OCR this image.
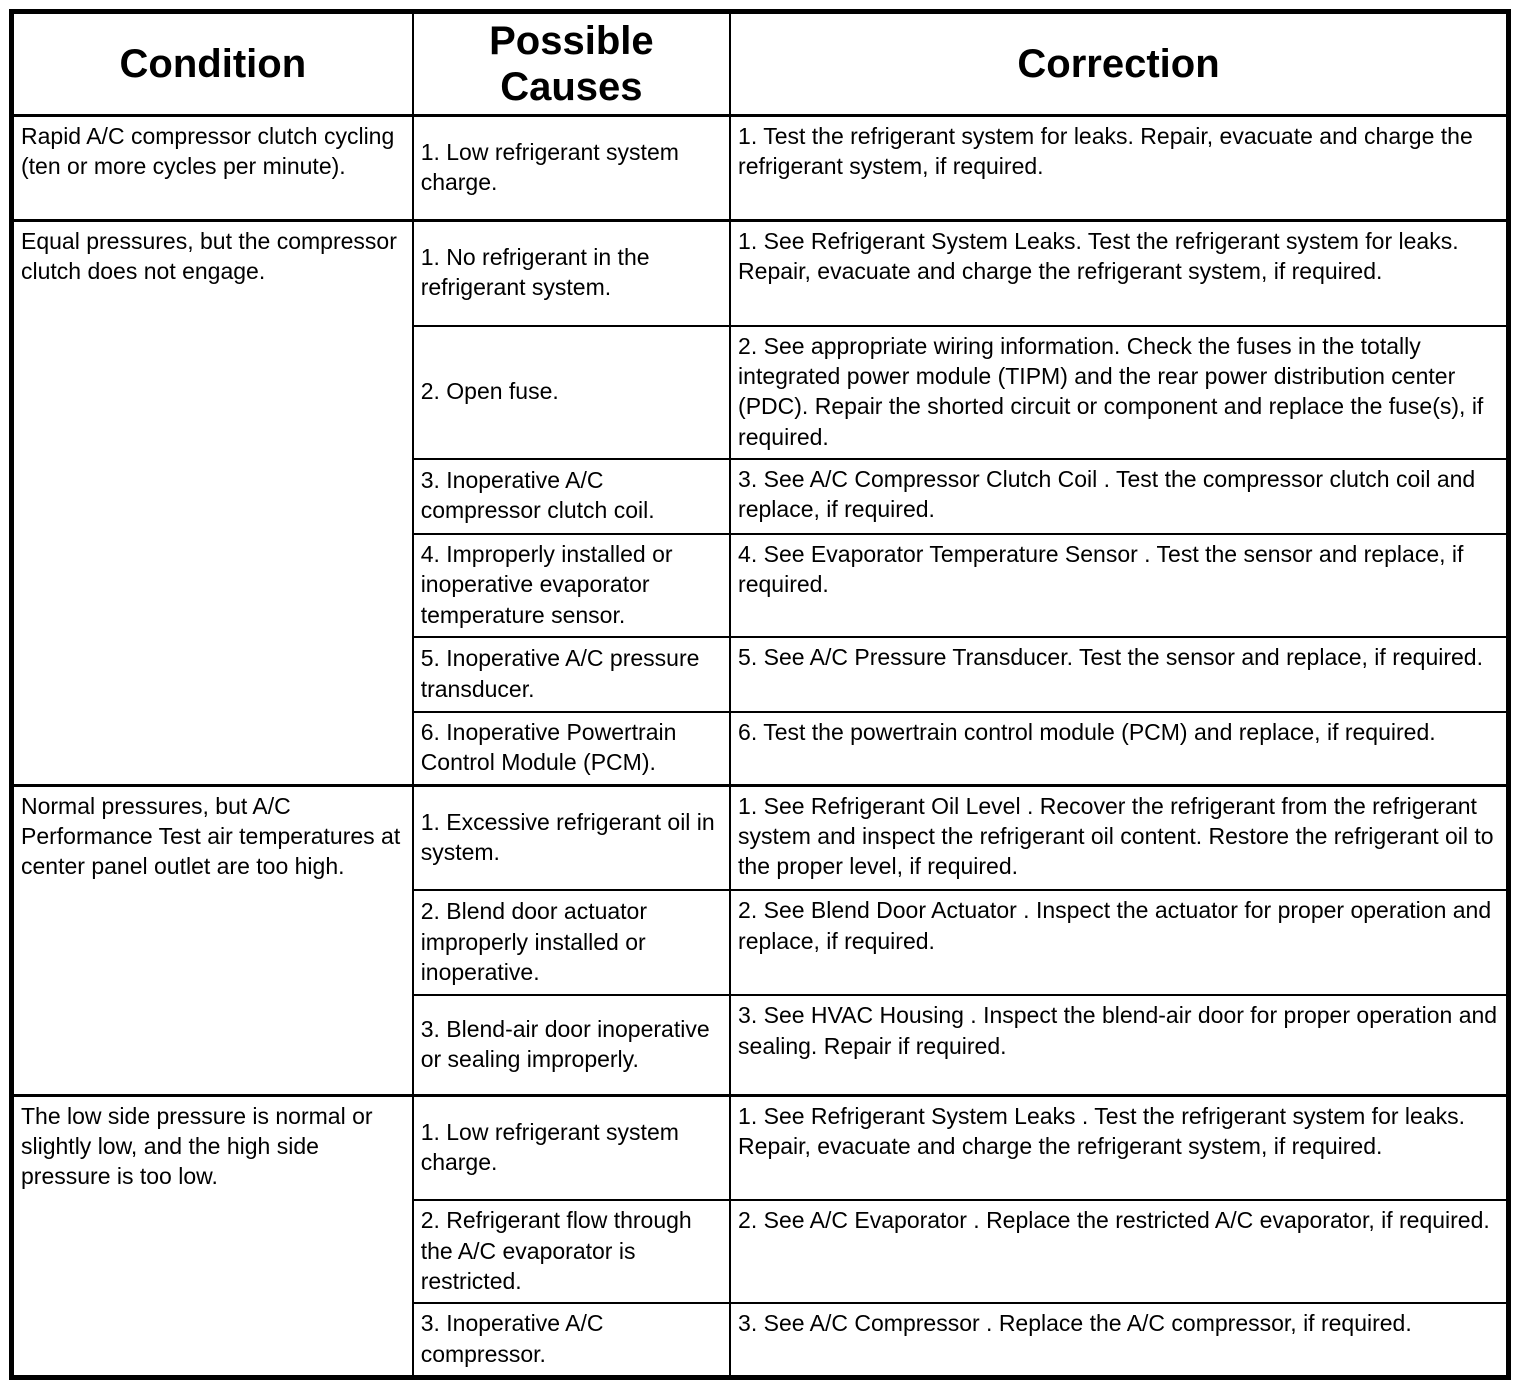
Condition	Possible Causes	Correction
Rapid A/C compressor clutch cycling (ten or more cycles per minute).	1. Low refrigerant system charge.	1. Test the refrigerant system for leaks. Repair, evacuate and charge the refrigerant system, if required.
Equal pressures, but the compressor clutch does not engage.	1. No refrigerant in the refrigerant system.	1. See Refrigerant System Leaks. Test the refrigerant system for leaks. Repair, evacuate and charge the refrigerant system, if required.
	2. Open fuse.	2. See appropriate wiring information. Check the fuses in the totally integrated power module (TIPM) and the rear power distribution center (PDC). Repair the shorted circuit or component and replace the fuse(s), if required.
	3. Inoperative A/C compressor clutch coil.	3. See A/C Compressor Clutch Coil . Test the compressor clutch coil and replace, if required.
	4. Improperly installed or inoperative evaporator temperature sensor.	4. See Evaporator Temperature Sensor . Test the sensor and replace, if required.
	5. Inoperative A/C pressure transducer.	5. See A/C Pressure Transducer. Test the sensor and replace, if required.
	6. Inoperative Powertrain Control Module (PCM).	6. Test the powertrain control module (PCM) and replace, if required.
Normal pressures, but A/C Performance Test air temperatures at center panel outlet are too high.	1. Excessive refrigerant oil in system.	1. See Refrigerant Oil Level . Recover the refrigerant from the refrigerant system and inspect the refrigerant oil content. Restore the refrigerant oil to the proper level, if required.
	2. Blend door actuator improperly installed or inoperative.	2. See Blend Door Actuator . Inspect the actuator for proper operation and replace, if required.
	3. Blend-air door inoperative or sealing improperly.	3. See HVAC Housing . Inspect the blend-air door for proper operation and sealing. Repair if required.
The low side pressure is normal or slightly low, and the high side pressure is too low.	1. Low refrigerant system charge.	1. See Refrigerant System Leaks . Test the refrigerant system for leaks. Repair, evacuate and charge the refrigerant system, if required.
	2. Refrigerant flow through the A/C evaporator is restricted.	2. See A/C Evaporator . Replace the restricted A/C evaporator, if required.
	3. Inoperative A/C compressor.	3. See A/C Compressor . Replace the A/C compressor, if required.
